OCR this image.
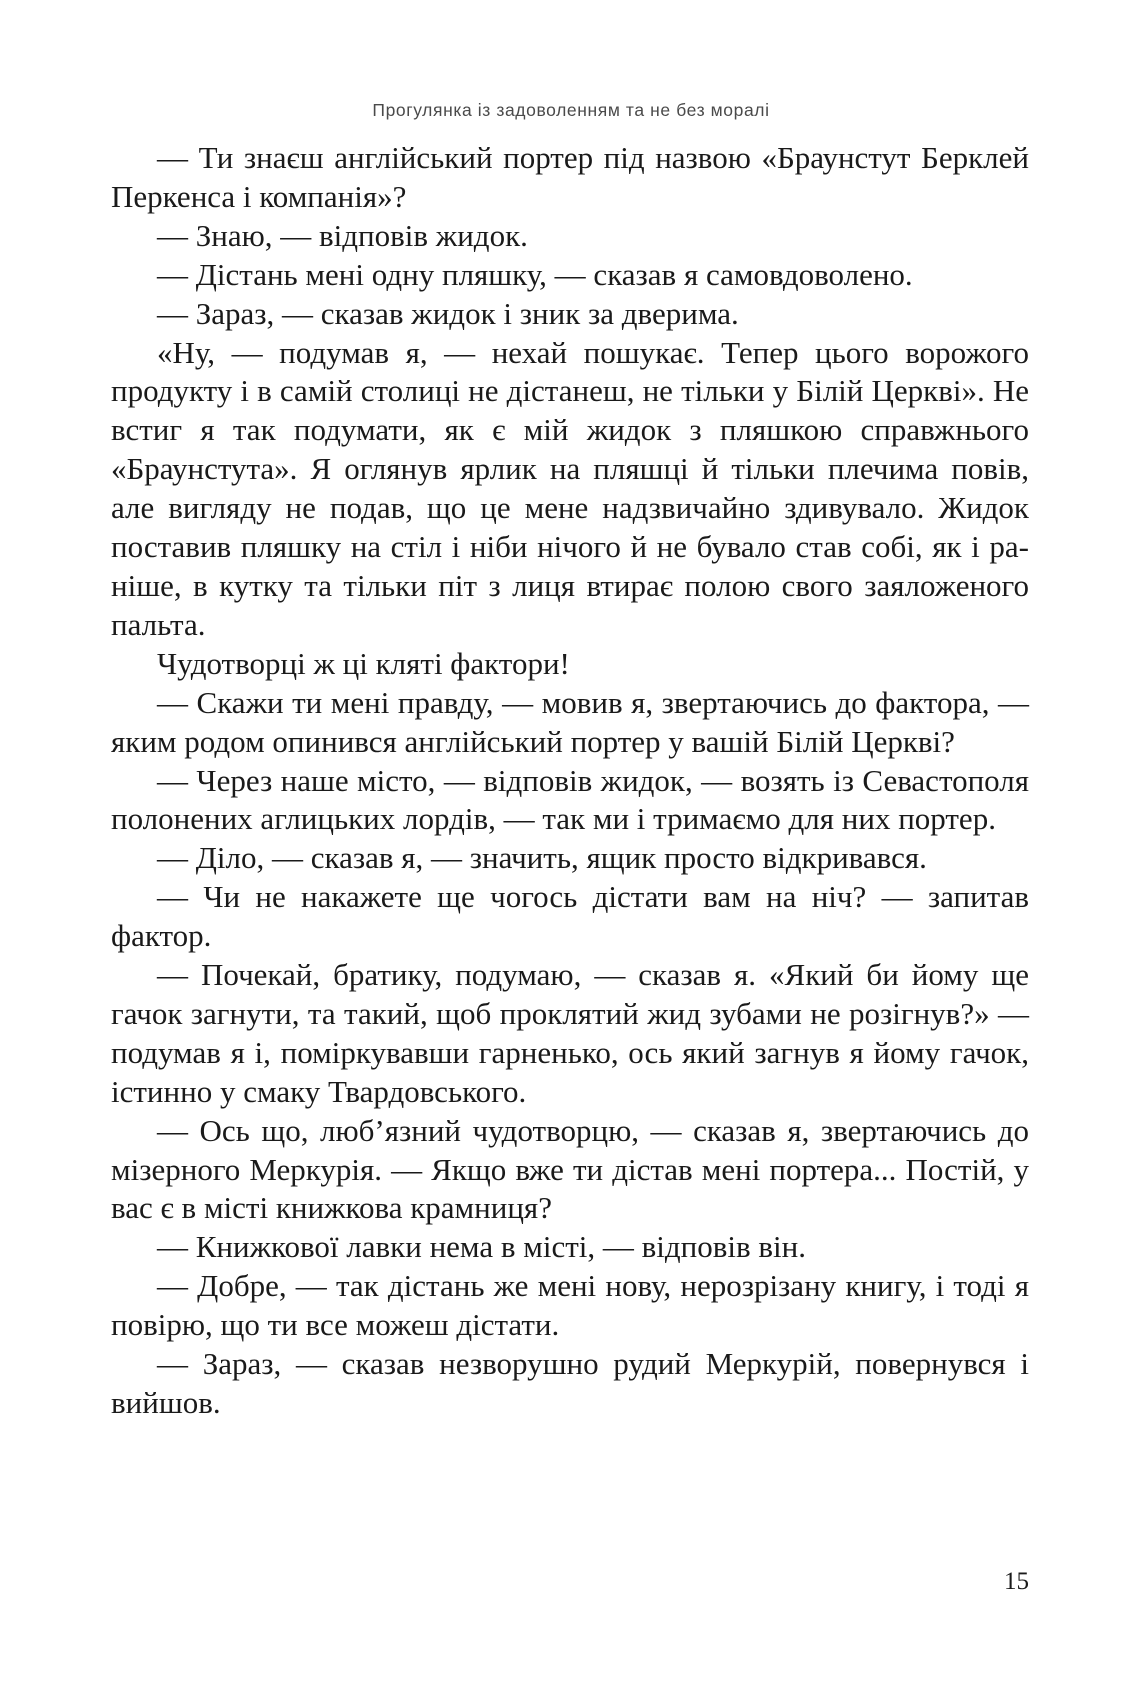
Прогулянка із задоволенням та не без моралі

— Ти знаєш англійський портер під назвою «Браунстут Берклей Перкенса і компанія»?

— Знаю, — відповів жидок.

— Дістань мені одну пляшку, — сказав я самовдоволено.

— Зараз, — сказав жидок і зник за дверима.

«Ну, — подумав я, — нехай пошукає. Тепер цього ворожого продукту і в самій столиці не дістанеш, не тільки у Білій Церкві». Не встиг я так подумати, як є мій жидок з пляшкою справжнього «Браунстута». Я оглянув ярлик на пляшці й тільки плечима повів, але вигляду не подав, що це мене надзвичайно здивувало. Жидок поставив пляшку на стіл і ніби нічого й не бувало став собі, як і раніше, в кутку та тільки піт з лиця втирає полою свого заяложеного пальта.

Чудотворці ж ці кляті фактори!

— Скажи ти мені правду, — мовив я, звертаючись до фактора, — яким родом опинився англійський портер у вашій Білій Церкві?

— Через наше місто, — відповів жидок, — возять із Севастополя полонених аглицьких лордів, — так ми і тримаємо для них портер.

— Діло, — сказав я, — значить, ящик просто відкривався.

— Чи не накажете ще чогось дістати вам на ніч? — запитав фактор.

— Почекай, братику, подумаю, — сказав я. «Який би йому ще гачок загнути, та такий, щоб проклятий жид зубами не розігнув?» — подумав я і, поміркувавши гарненько, ось який загнув я йому гачок, істинно у смаку Твардовського.

— Ось що, люб’язний чудотворцю, — сказав я, звертаючись до мізерного Меркурія. — Якщо вже ти дістав мені портера... Постій, у вас є в місті книжкова крамниця?

— Книжкової лавки нема в місті, — відповів він.

— Добре, — так дістань же мені нову, нерозрізану книгу, і тоді я повірю, що ти все можеш дістати.

— Зараз, — сказав незворушно рудий Меркурій, повернувся і вийшов.

15
